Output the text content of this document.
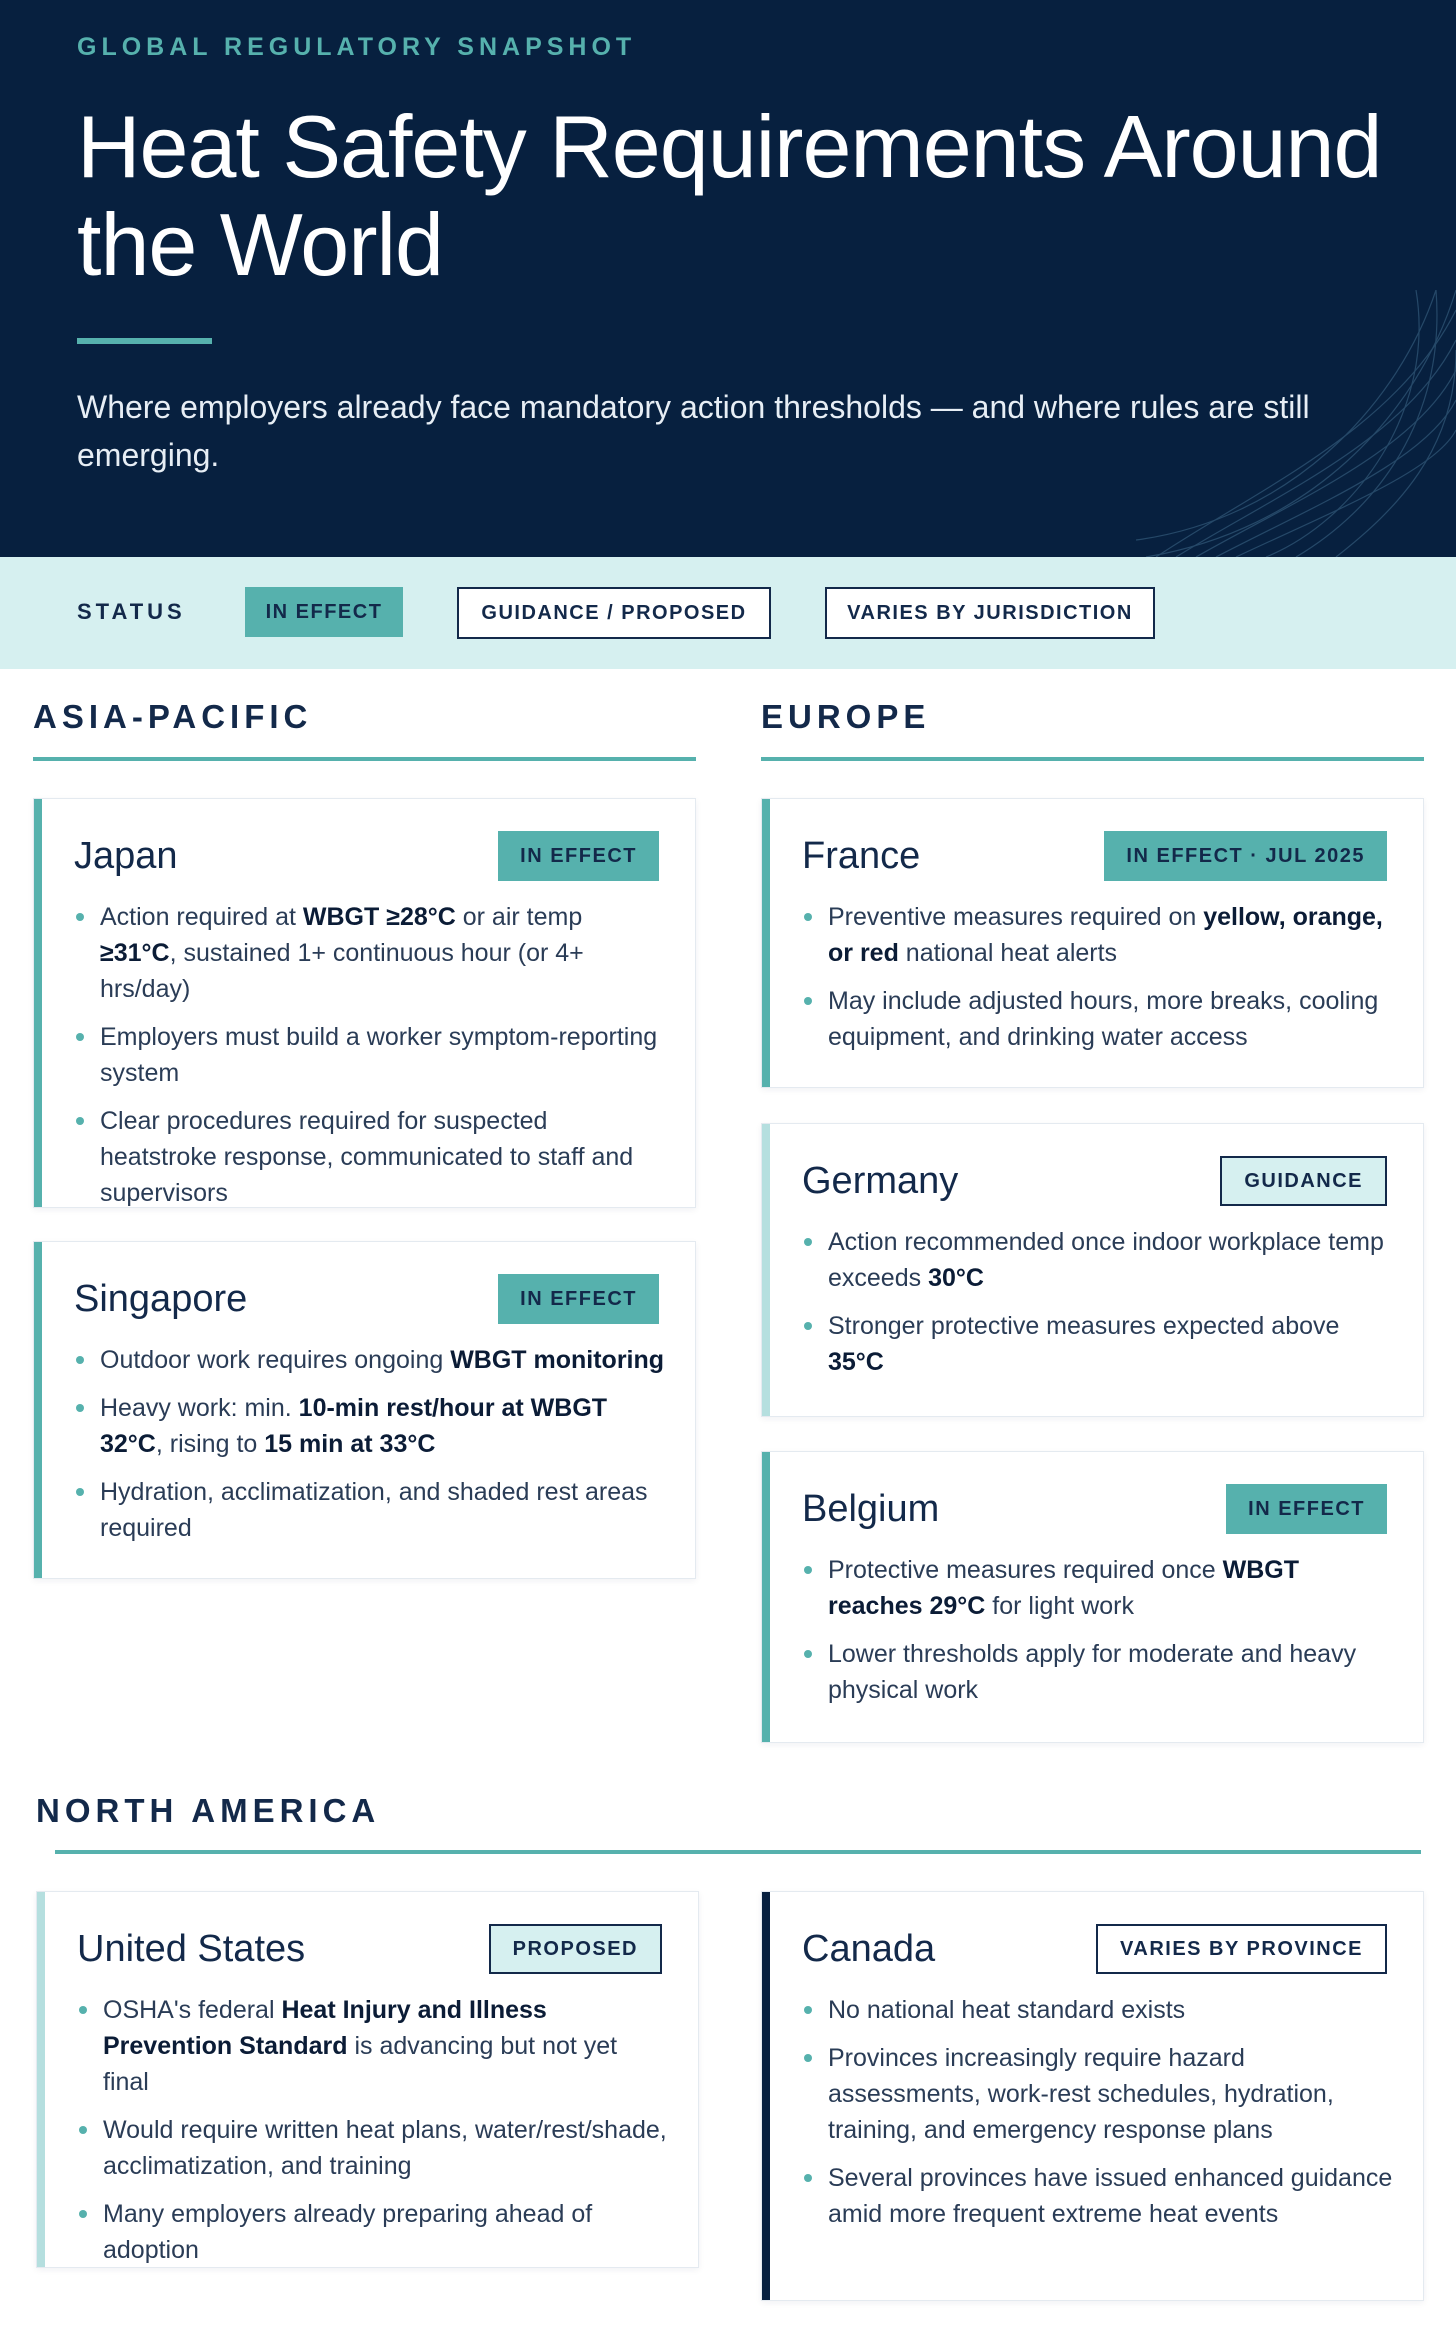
GLOBAL REGULATORY SNAPSHOT
Heat Safety Requirements Around the World

Where employers already face mandatory action thresholds — and where rules are still emerging.

STATUS	IN EFFECT	GUIDANCE / PROPOSED	VARIES BY JURISDICTION
ASIA-PACIFIC	EUROPE
NORTH AMERICA
Japan	IN EFFECT
Action required at WBGT ≥28°C or air temp ≥31°C, sustained 1+ continuous hour (or 4+ hrs/day)
Employers must build a worker symptom-reporting system
Clear procedures required for suspected heatstroke response, communicated to staff and supervisors
Singapore	IN EFFECT
Outdoor work requires ongoing WBGT monitoring
Heavy work: min. 10-min rest/hour at WBGT 32°C, rising to 15 min at 33°C
Hydration, acclimatization, and shaded rest areas required
France	IN EFFECT · JUL 2025
Preventive measures required on yellow, orange, or red national heat alerts
May include adjusted hours, more breaks, cooling equipment, and drinking water access
Germany	GUIDANCE
Action recommended once indoor workplace temp exceeds 30°C
Stronger protective measures expected above 35°C
Belgium	IN EFFECT
Protective measures required once WBGT reaches 29°C for light work
Lower thresholds apply for moderate and heavy physical work
United States	PROPOSED
OSHA's federal Heat Injury and Illness Prevention Standard is advancing but not yet final
Would require written heat plans, water/rest/shade, acclimatization, and training
Many employers already preparing ahead of adoption
Canada	VARIES BY PROVINCE
No national heat standard exists
Provinces increasingly require hazard assessments, work-rest schedules, hydration, training, and emergency response plans
Several provinces have issued enhanced guidance amid more frequent extreme heat events
